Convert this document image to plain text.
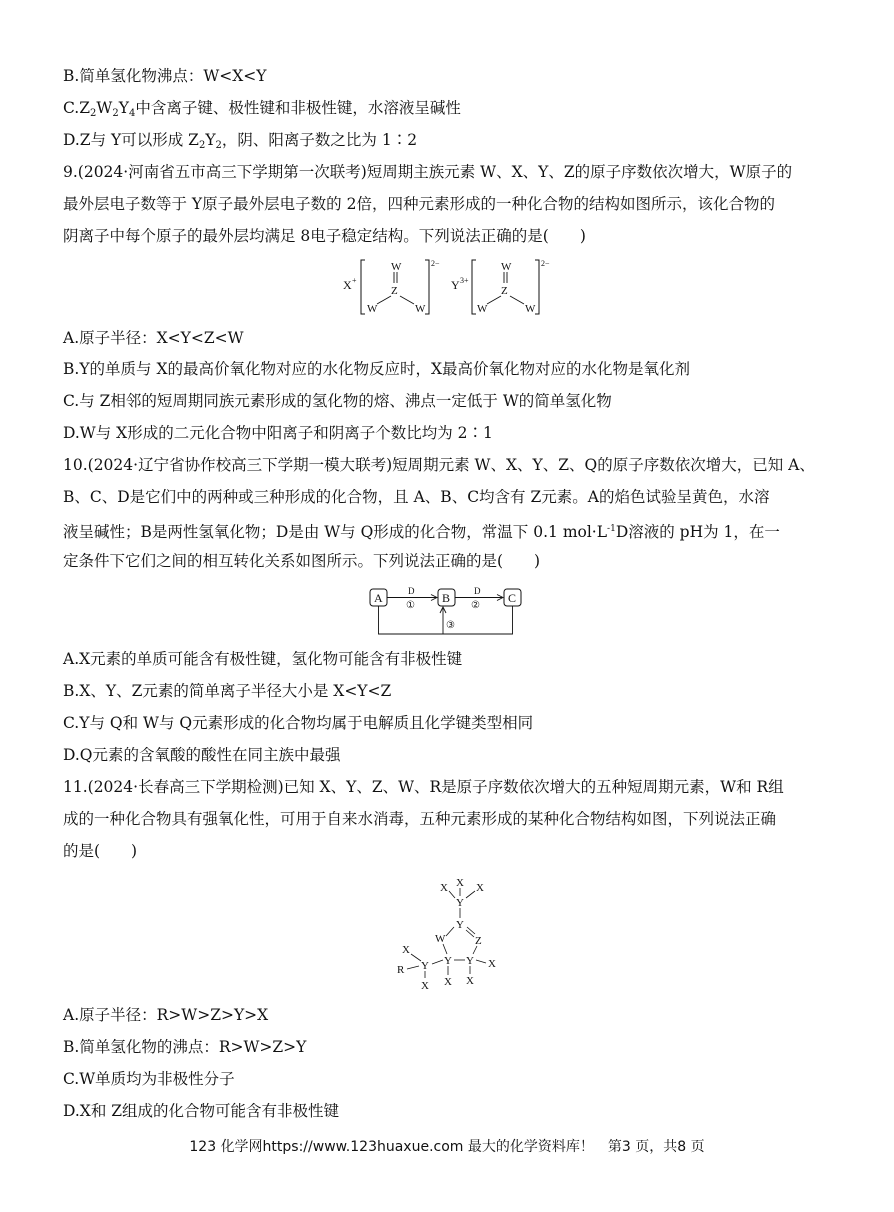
B.简单氢化物沸点：W<X<Y
$C.Z_2W_2Y_4$中含离子键、极性键和非极性键，水溶液呈碱性
D.Z与 Y可以形成 $Z_2Y_2$，阴、阳离子数之比为 1∶2
9.(2024·河南省五市高三下学期第一次联考)短周期主族元素 W、X、Y、Z的原子序数依次增大，W原子的
最外层电子数等于 Y原子最外层电子数的 2倍，四种元素形成的一种化合物的结构如图所示，该化合物的
阴离子中每个原子的最外层均满足 8电子稳定结构。下列说法正确的是(　　)
X +
W
Z
W	W
2−
Y 3+
W
Z
W	W
2−
A.原子半径：X<Y<Z<W
B.Y的单质与 X的最高价氧化物对应的水化物反应时，X最高价氧化物对应的水化物是氧化剂
C.与 Z相邻的短周期同族元素形成的氢化物的熔、沸点一定低于 W的简单氢化物
D.W与 X形成的二元化合物中阳离子和阴离子个数比均为 2∶1
10.(2024·辽宁省协作校高三下学期一模大联考)短周期元素 W、X、Y、Z、Q的原子序数依次增大，已知 A、
B、C、D是它们中的两种或三种形成的化合物，且 A、B、C均含有 Z元素。A的焰色试验呈黄色，水溶
液呈碱性；B是两性氢氧化物；D是由 W与 Q形成的化合物，常温下 0.1 $mol\cdot L^{-1}D$溶液的 pH为 1，在一
定条件下它们之间的相互转化关系如图所示。下列说法正确的是(　　)
A	B	C
D
①
D
②
③
A.X元素的单质可能含有极性键，氢化物可能含有非极性键
B.X、Y、Z元素的简单离子半径大小是 X<Y<Z
C.Y与 Q和 W与 Q元素形成的化合物均属于电解质且化学键类型相同
D.Q元素的含氧酸的酸性在同主族中最强
11.(2024·长春高三下学期检测)已知 X、Y、Z、W、R是原子序数依次增大的五种短周期元素，W和 R组
成的一种化合物具有强氧化性，可用于自来水消毒，五种元素形成的某种化合物结构如图，下列说法正确
的是(　　)
X
X	X
Y
Y
W	Z
Y Y X
X
X
Y
X
R
X
A.原子半径：R>W>Z>Y>X
B.简单氢化物的沸点：R>W>Z>Y
C.W单质均为非极性分子
D.X和 Z组成的化合物可能含有非极性键
123 化学网https://www.123huaxue.com 最大的化学资料库！　第3 页，共8 页
